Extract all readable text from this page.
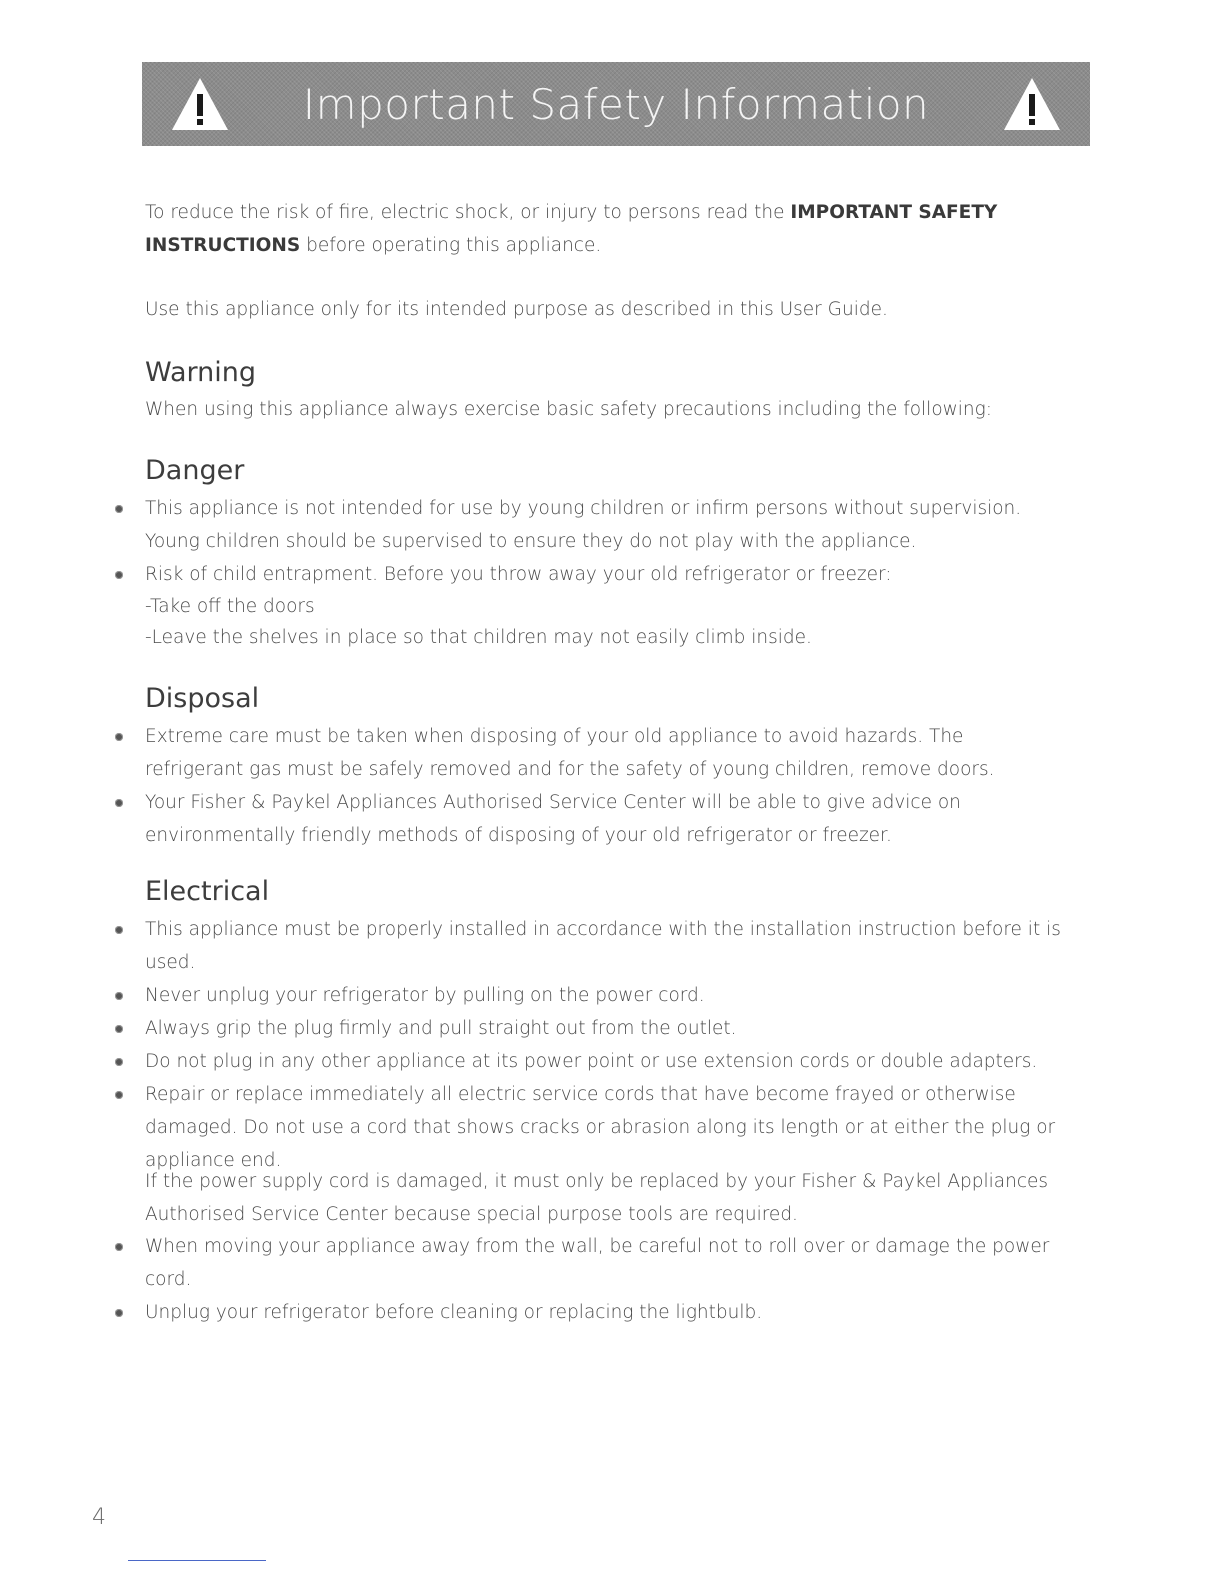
Important Safety Information

To reduce the risk of fire, electric shock, or injury to persons read the IMPORTANT SAFETY INSTRUCTIONS before operating this appliance.

Use this appliance only for its intended purpose as described in this User Guide.

Warning

When using this appliance always exercise basic safety precautions including the following:

Danger
This appliance is not intended for use by young children or infirm persons without supervision. Young children should be supervised to ensure they do not play with the appliance.
Risk of child entrapment. Before you throw away your old refrigerator or freezer:

-Take off the doors

-Leave the shelves in place so that children may not easily climb inside.

Disposal
Extreme care must be taken when disposing of your old appliance to avoid hazards. The refrigerant gas must be safely removed and for the safety of young children, remove doors.
Your Fisher & Paykel Appliances Authorised Service Center will be able to give advice on environmentally friendly methods of disposing of your old refrigerator or freezer.
Electrical
This appliance must be properly installed in accordance with the installation instruction before it is used.
Never unplug your refrigerator by pulling on the power cord.
Always grip the plug firmly and pull straight out from the outlet.
Do not plug in any other appliance at its power point or use extension cords or double adapters.
Repair or replace immediately all electric service cords that have become frayed or otherwise damaged. Do not use a cord that shows cracks or abrasion along its length or at either the plug or appliance end.

If the power supply cord is damaged, it must only be replaced by your Fisher & Paykel Appliances Authorised Service Center because special purpose tools are required.

When moving your appliance away from the wall, be careful not to roll over or damage the power cord.
Unplug your refrigerator before cleaning or replacing the lightbulb.
4
